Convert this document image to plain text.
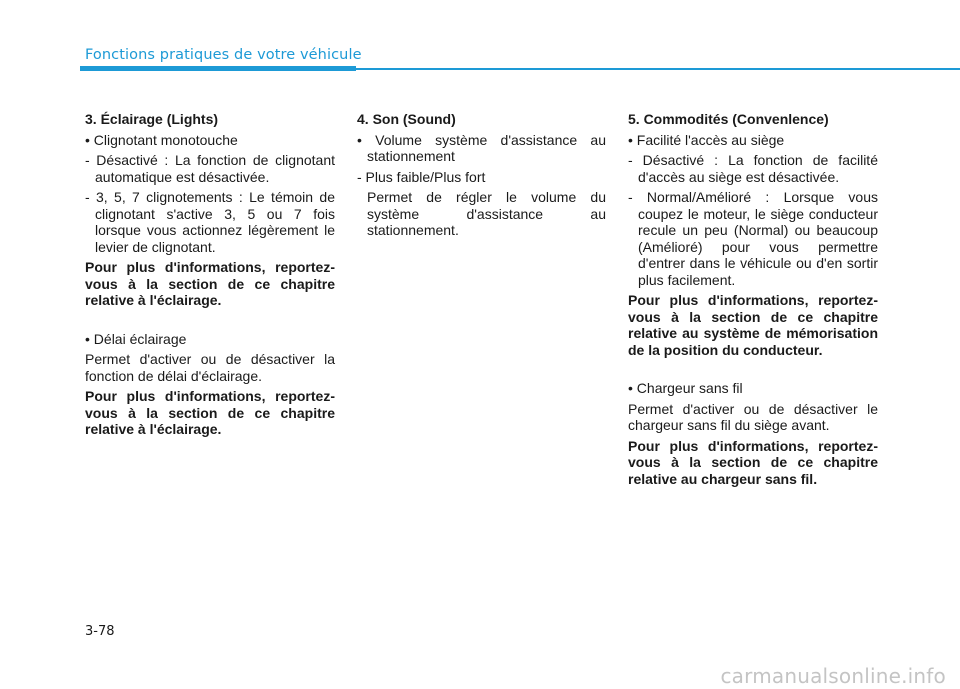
Fonctions pratiques de votre véhicule

3. Éclairage (Lights)

• Clignotant monotouche

- Désactivé : La fonction de clignotant automatique est désactivée.

- 3, 5, 7 clignotements : Le témoin de clignotant s'active 3, 5 ou 7 fois lorsque vous actionnez légèrement le levier de clignotant.

Pour plus d'informations, reportez-vous à la section de ce chapitre relative à l'éclairage.

• Délai éclairage

Permet d'activer ou de désactiver la fonction de délai d'éclairage.

Pour plus d'informations, reportez-vous à la section de ce chapitre relative à l'éclairage.

4. Son (Sound)

• Volume système d'assistance au stationnement

- Plus faible/Plus fort

Permet de régler le volume du système d'assistance au stationnement.

5. Commodités (Convenlence)

• Facilité l'accès au siège

- Désactivé : La fonction de facilité d'accès au siège est désactivée.

- Normal/Amélioré : Lorsque vous coupez le moteur, le siège conducteur recule un peu (Normal) ou beaucoup (Amélioré) pour vous permettre d'entrer dans le véhicule ou d'en sortir plus facilement.

Pour plus d'informations, reportez-vous à la section de ce chapitre relative au système de mémorisation de la position du conducteur.

• Chargeur sans fil

Permet d'activer ou de désactiver le chargeur sans fil du siège avant.

Pour plus d'informations, reportez-vous à la section de ce chapitre relative au chargeur sans fil.

3-78
carmanualsonline.info
